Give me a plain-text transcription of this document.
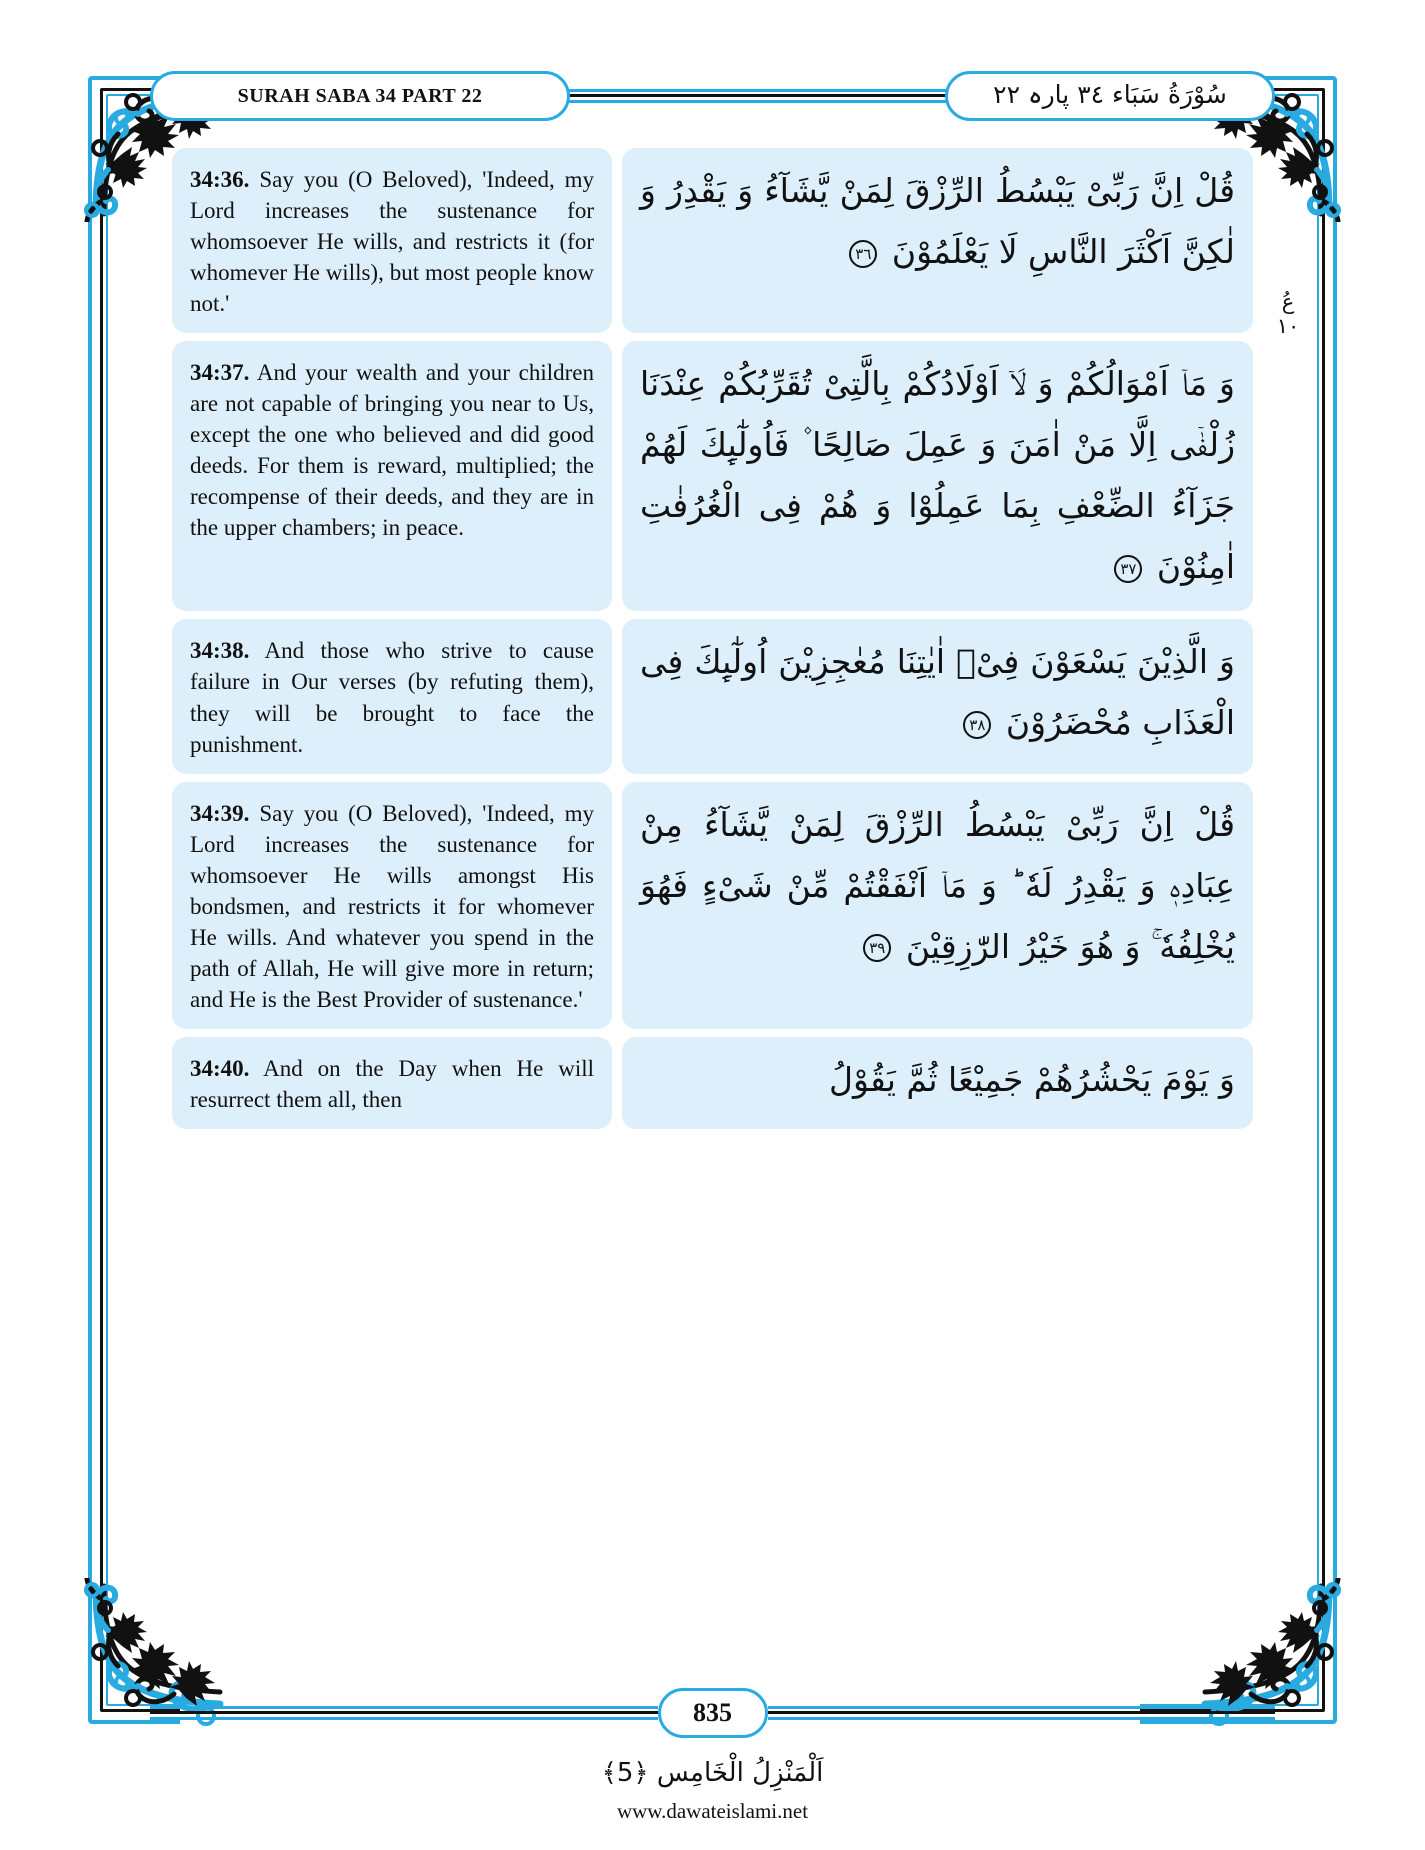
SURAH SABA 34 PART 22	سُوْرَةُ سَبَاء ٣٤ پارہ ٢٢
عُ
١٠
34:36. Say you (O Beloved), 'Indeed, my Lord increases the sustenance for whomsoever He wills, and restricts it (for whomever He wills), but most people know not.'
قُلْ اِنَّ رَبِّیْ یَبْسُطُ الرِّزْقَ لِمَنْ یَّشَآءُ وَ یَقْدِرُ وَ لٰكِنَّ اَكْثَرَ النَّاسِ لَا یَعْلَمُوْنَ ٣٦
34:37. And your wealth and your children are not capable of bringing you near to Us, except the one who believed and did good deeds. For them is reward, multiplied; the recompense of their deeds, and they are in the upper chambers; in peace.
وَ مَاۤ اَمْوَالُكُمْ وَ لَاۤ اَوْلَادُكُمْ بِالَّتِیْ تُقَرِّبُكُمْ عِنْدَنَا زُلْفٰۤى اِلَّا مَنْ اٰمَنَ وَ عَمِلَ صَالِحًا ۫ فَاُولٰٓىِٕكَ لَهُمْ جَزَآءُ الضِّعْفِ بِمَا عَمِلُوْا وَ هُمْ فِی الْغُرُفٰتِ اٰمِنُوْنَ ٣٧
34:38. And those who strive to cause failure in Our verses (by refuting them), they will be brought to face the punishment.
وَ الَّذِیْنَ یَسْعَوْنَ فِیْۤ اٰیٰتِنَا مُعٰجِزِیْنَ اُولٰٓىِٕكَ فِی الْعَذَابِ مُحْضَرُوْنَ ٣٨
34:39. Say you (O Beloved), 'Indeed, my Lord increases the sustenance for whomsoever He wills amongst His bondsmen, and restricts it for whomever He wills. And whatever you spend in the path of Allah, He will give more in return; and He is the Best Provider of sustenance.'
قُلْ اِنَّ رَبِّیْ یَبْسُطُ الرِّزْقَ لِمَنْ یَّشَآءُ مِنْ عِبَادِهٖ وَ یَقْدِرُ لَهٗ ؕ وَ مَاۤ اَنْفَقْتُمْ مِّنْ شَیْءٍ فَهُوَ یُخْلِفُهٗ ۚ وَ هُوَ خَیْرُ الرّٰزِقِیْنَ ٣٩
34:40. And on the Day when He will resurrect them all, then
وَ یَوْمَ یَحْشُرُهُمْ جَمِیْعًا ثُمَّ یَقُوْلُ
835
اَلْمَنْزِلُ الْخَامِس ﴿5﴾
www.dawateislami.net
